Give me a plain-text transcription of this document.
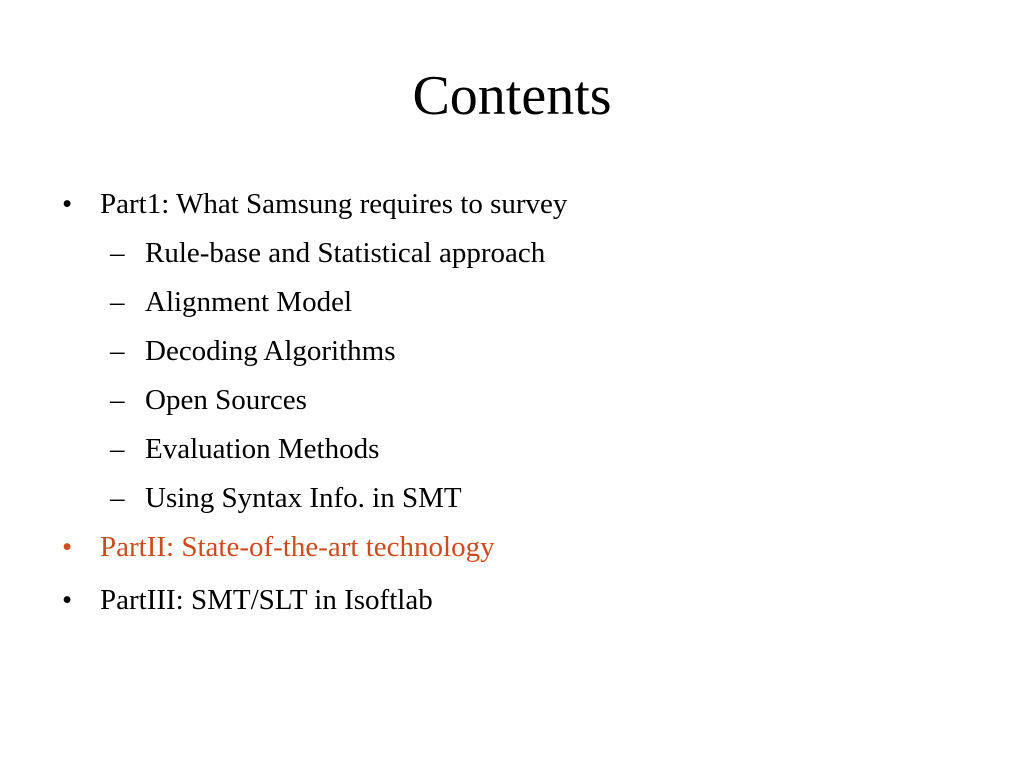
Contents
• Part1: What Samsung requires to survey
– Rule-base and Statistical approach
– Alignment Model
– Decoding Algorithms
– Open Sources
– Evaluation Methods
– Using Syntax Info. in SMT
• PartII: State-of-the-art technology
• PartIII: SMT/SLT in Isoftlab
